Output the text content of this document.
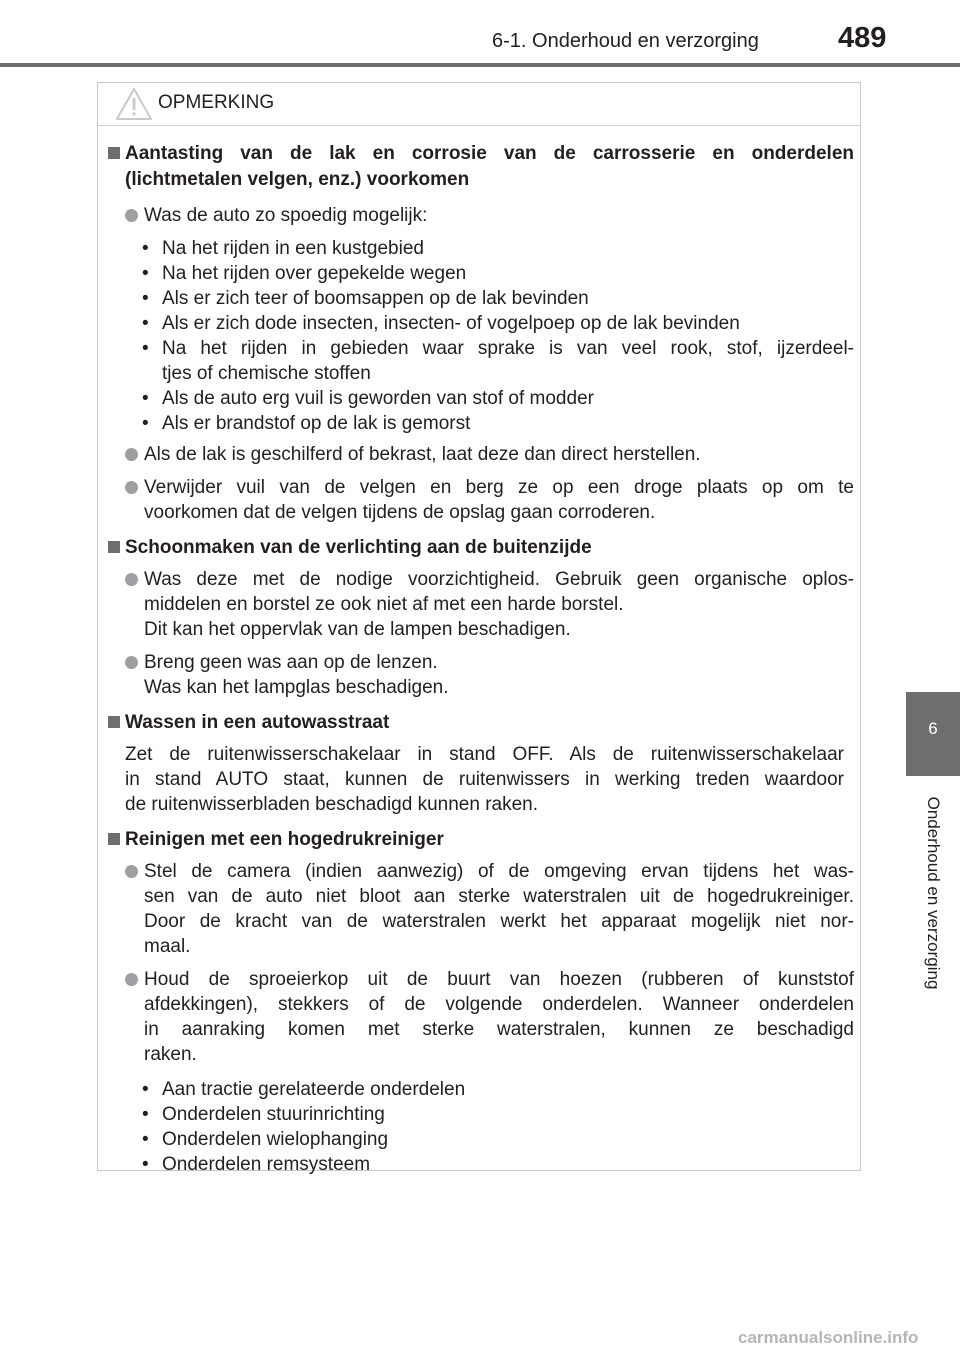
6-1. Onderhoud en verzorging	489
6
Onderhoud en verzorging
OPMERKING
Aantasting van de lak en corrosie van de carrosserie en onderdelen
(lichtmetalen velgen, enz.) voorkomen
Was de auto zo spoedig mogelijk:
• Na het rijden in een kustgebied
• Na het rijden over gepekelde wegen
• Als er zich teer of boomsappen op de lak bevinden
• Als er zich dode insecten, insecten- of vogelpoep op de lak bevinden
• Na het rijden in gebieden waar sprake is van veel rook, stof, ijzerdeel-
tjes of chemische stoffen
• Als de auto erg vuil is geworden van stof of modder
• Als er brandstof op de lak is gemorst
Als de lak is geschilferd of bekrast, laat deze dan direct herstellen.
Verwijder vuil van de velgen en berg ze op een droge plaats op om te
voorkomen dat de velgen tijdens de opslag gaan corroderen.
Schoonmaken van de verlichting aan de buitenzijde
Was deze met de nodige voorzichtigheid. Gebruik geen organische oplos-
middelen en borstel ze ook niet af met een harde borstel.
Dit kan het oppervlak van de lampen beschadigen.
Breng geen was aan op de lenzen.
Was kan het lampglas beschadigen.
Wassen in een autowasstraat
Zet de ruitenwisserschakelaar in stand OFF. Als de ruitenwisserschakelaar
in stand AUTO staat, kunnen de ruitenwissers in werking treden waardoor
de ruitenwisserbladen beschadigd kunnen raken.
Reinigen met een hogedrukreiniger
Stel de camera (indien aanwezig) of de omgeving ervan tijdens het was-
sen van de auto niet bloot aan sterke waterstralen uit de hogedrukreiniger.
Door de kracht van de waterstralen werkt het apparaat mogelijk niet nor-
maal.
Houd de sproeierkop uit de buurt van hoezen (rubberen of kunststof
afdekkingen), stekkers of de volgende onderdelen. Wanneer onderdelen
in aanraking komen met sterke waterstralen, kunnen ze beschadigd
raken.
• Aan tractie gerelateerde onderdelen
• Onderdelen stuurinrichting
• Onderdelen wielophanging
• Onderdelen remsysteem
carmanualsonline.info
